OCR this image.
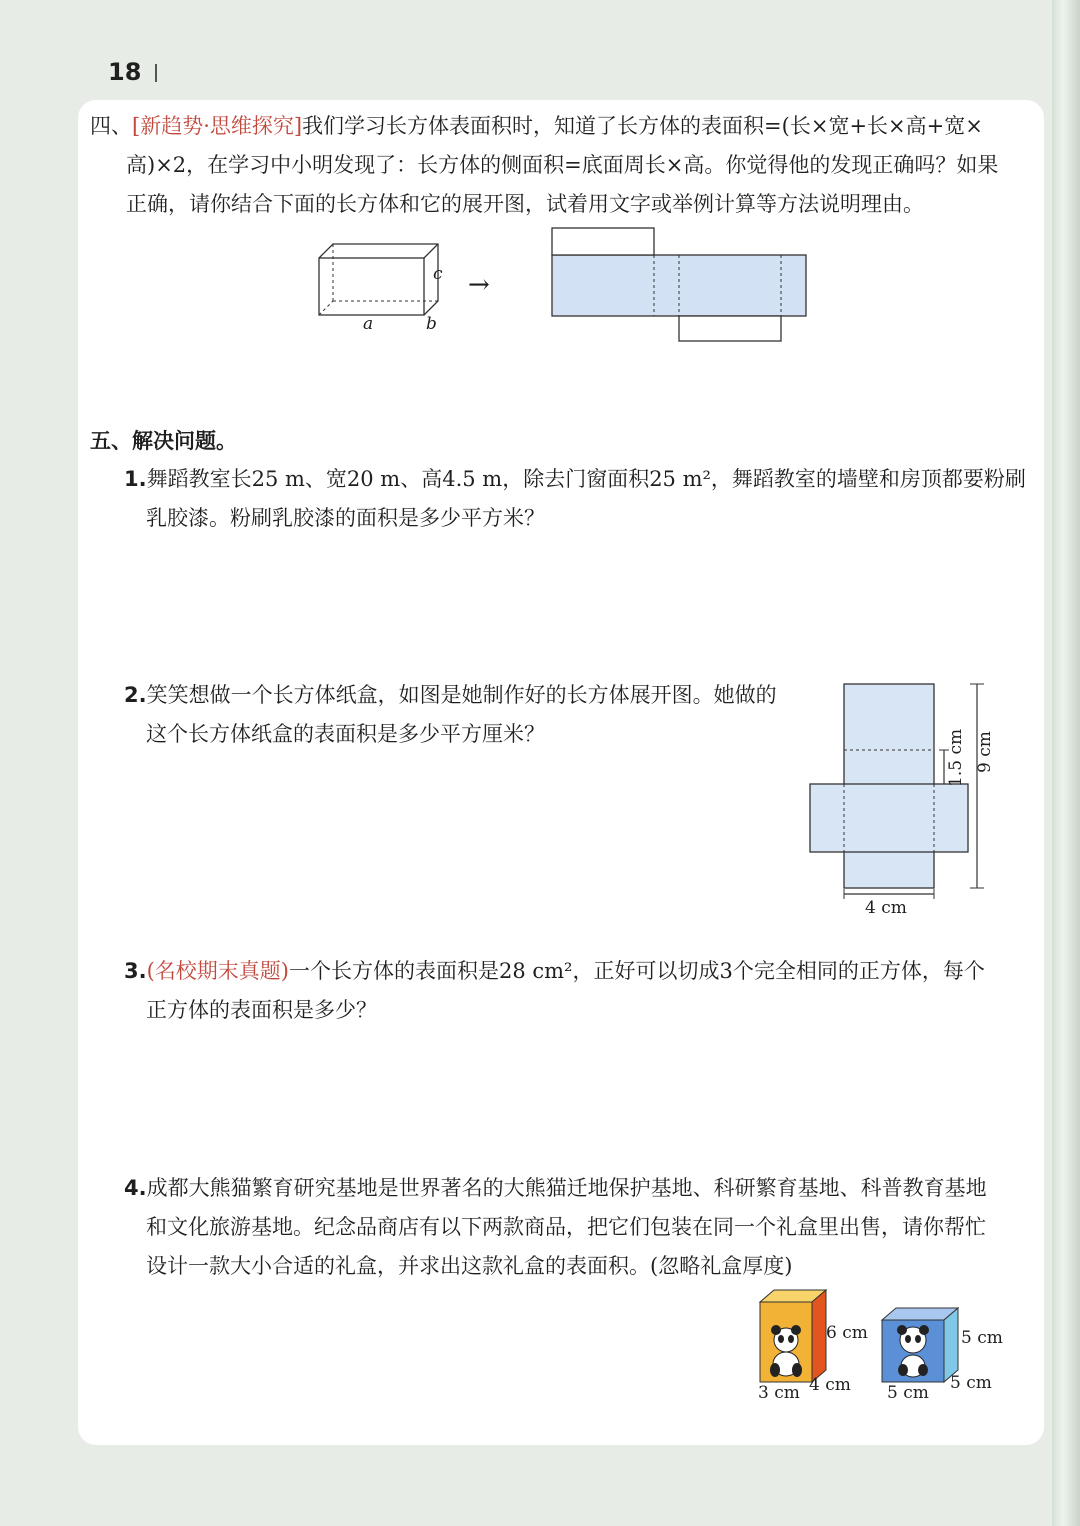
18

四、[新趋势·思维探究]我们学习长方体表面积时，知道了长方体的表面积=(长×宽+长×高+宽×

高)×2，在学习中小明发现了：长方体的侧面积=底面周长×高。你觉得他的发现正确吗？如果

正确，请你结合下面的长方体和它的展开图，试着用文字或举例计算等方法说明理由。

c
a	b
→
五、解决问题。

1.舞蹈教室长25 m、宽20 m、高4.5 m，除去门窗面积25 m²，舞蹈教室的墙壁和房顶都要粉刷

乳胶漆。粉刷乳胶漆的面积是多少平方米？

2.笑笑想做一个长方体纸盒，如图是她制作好的长方体展开图。她做的

这个长方体纸盒的表面积是多少平方厘米？	9 cm
1.5 cm
4 cm

3.(名校期末真题)一个长方体的表面积是28 cm²，正好可以切成3个完全相同的正方体，每个

正方体的表面积是多少？

4.成都大熊猫繁育研究基地是世界著名的大熊猫迁地保护基地、科研繁育基地、科普教育基地

和文化旅游基地。纪念品商店有以下两款商品，把它们包装在同一个礼盒里出售，请你帮忙

设计一款大小合适的礼盒，并求出这款礼盒的表面积。(忽略礼盒厚度)

6 cm
4 cm
3 cm
5 cm
5 cm
5 cm
